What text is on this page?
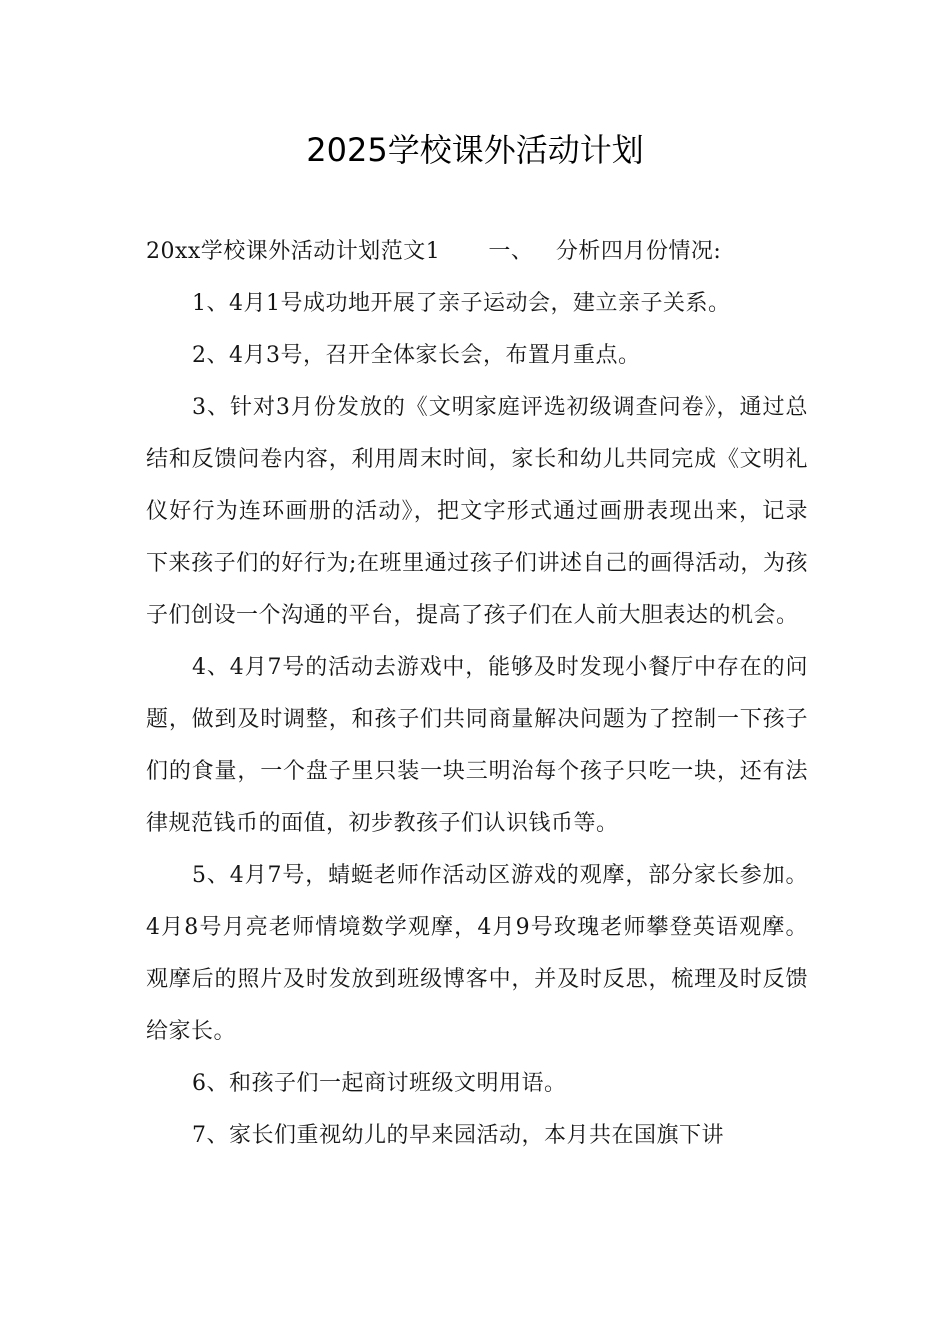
2025学校课外活动计划

20xx学校课外活动计划范文1 一、 分析四月份情况:

1、4月1号成功地开展了亲子运动会，建立亲子关系。

2、4月3号，召开全体家长会，布置月重点。

3、针对3月份发放的《文明家庭评选初级调查问卷》，通过总结和反馈问卷内容，利用周末时间，家长和幼儿共同完成《文明礼仪好行为连环画册的活动》，把文字形式通过画册表现出来，记录下来孩子们的好行为;在班里通过孩子们讲述自己的画得活动，为孩子们创设一个沟通的平台，提高了孩子们在人前大胆表达的机会。

4、4月7号的活动去游戏中，能够及时发现小餐厅中存在的问题，做到及时调整，和孩子们共同商量解决问题为了控制一下孩子们的食量，一个盘子里只装一块三明治每个孩子只吃一块，还有法律规范钱币的面值，初步教孩子们认识钱币等。

5、4月7号，蜻蜓老师作活动区游戏的观摩，部分家长参加。4月8号月亮老师情境数学观摩，4月9号玫瑰老师攀登英语观摩。观摩后的照片及时发放到班级博客中，并及时反思，梳理及时反馈给家长。

6、和孩子们一起商讨班级文明用语。

7、家长们重视幼儿的早来园活动，本月共在国旗下讲
